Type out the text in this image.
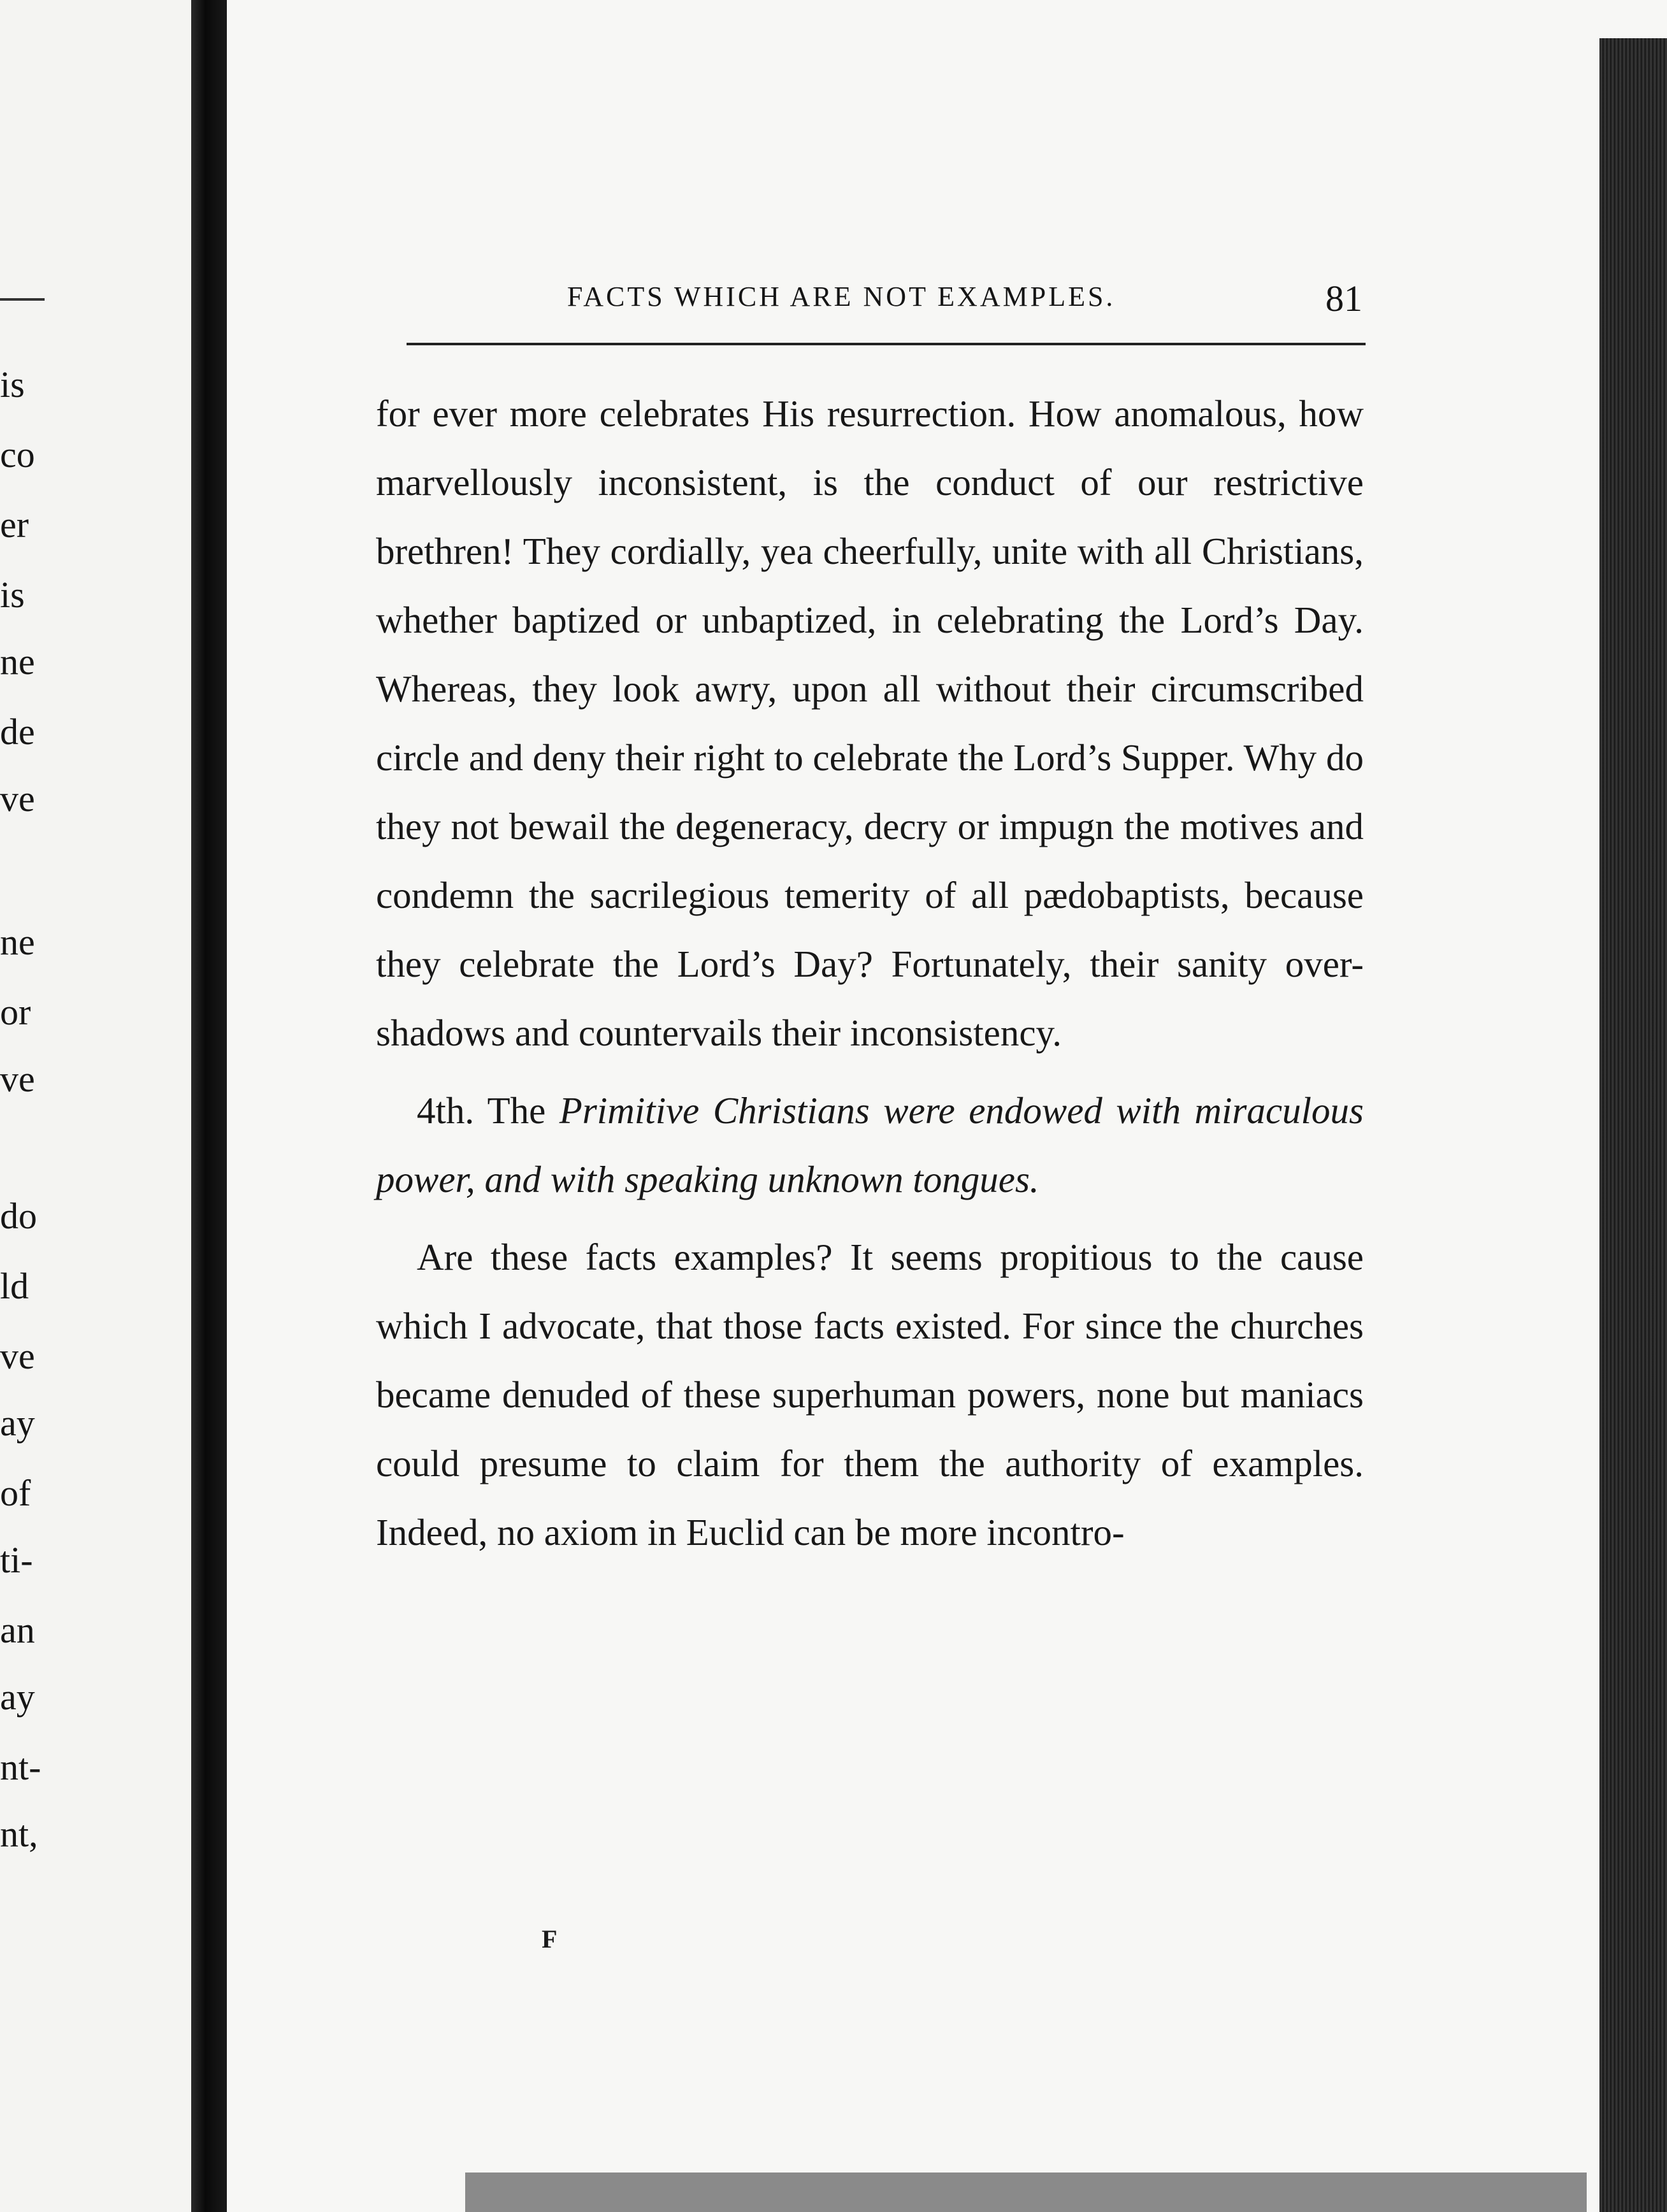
is
co
er
is
ne
de
ve
ne
or
ve
do
ld
ve
ay
of
ti-
an
ay
nt-
nt,
FACTS WHICH ARE NOT EXAMPLES.	81

for ever more celebrates His resurrection. How anomalous, how marvellously inconsistent, is the conduct of our restrictive brethren! They cordially, yea cheerfully, unite with all Christians, whether baptized or unbaptized, in celebrating the Lord’s Day. Whereas, they look awry, upon all without their circumscribed circle and deny their right to celebrate the Lord’s Supper. Why do they not bewail the degeneracy, decry or impugn the motives and condemn the sacrilegious temerity of all pædobaptists, because they celebrate the Lord’s Day? Fortunately, their sanity over-shadows and countervails their inconsistency.

4th. The Primitive Christians were endowed with miraculous power, and with speaking unknown tongues.

Are these facts examples? It seems propitious to the cause which I advocate, that those facts existed. For since the churches became denuded of these superhuman powers, none but maniacs could presume to claim for them the authority of examples. Indeed, no axiom in Euclid can be more incontro-

F
